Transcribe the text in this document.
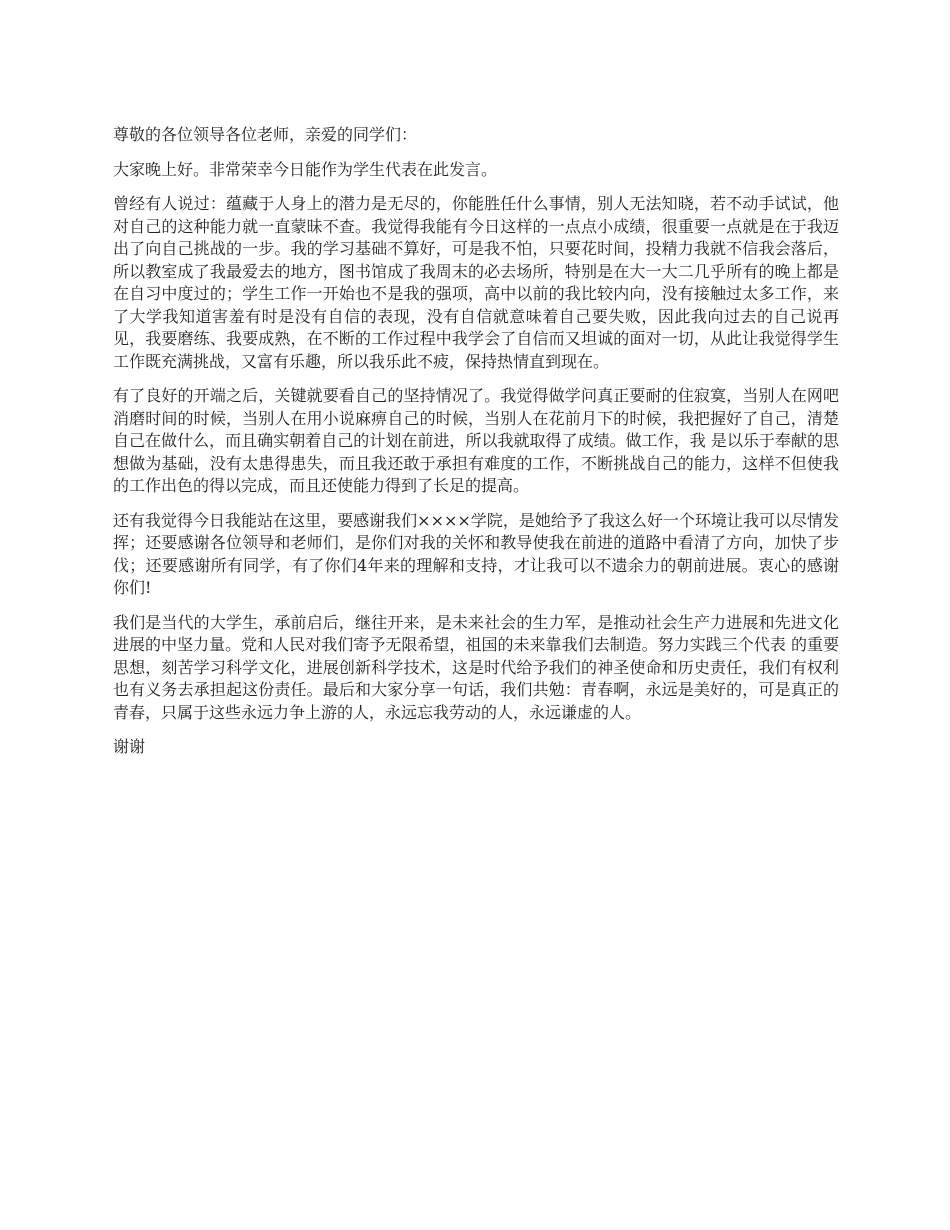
尊敬的各位领导各位老师，亲爱的同学们：

大家晚上好。非常荣幸今日能作为学生代表在此发言。

曾经有人说过：蕴藏于人身上的潜力是无尽的，你能胜任什么事情，别人无法知晓，若不动手试试，他对自己的这种能力就一直蒙昧不查。我觉得我能有今日这样的一点点小成绩，很重要一点就是在于我迈出了向自己挑战的一步。我的学习基础不算好，可是我不怕，只要花时间，投精力我就不信我会落后，所以教室成了我最爱去的地方，图书馆成了我周末的必去场所，特别是在大一大二几乎所有的晚上都是在自习中度过的；学生工作一开始也不是我的强项，高中以前的我比较内向，没有接触过太多工作，来了大学我知道害羞有时是没有自信的表现，没有自信就意味着自己要失败，因此我向过去的自己说再见，我要磨练、我要成熟，在不断的工作过程中我学会了自信而又坦诚的面对一切，从此让我觉得学生工作既充满挑战，又富有乐趣，所以我乐此不疲，保持热情直到现在。

有了良好的开端之后，关键就要看自己的坚持情况了。我觉得做学问真正要耐的住寂寞，当别人在网吧消磨时间的时候，当别人在用小说麻痹自己的时候，当别人在花前月下的时候，我把握好了自己，清楚自己在做什么，而且确实朝着自己的计划在前进，所以我就取得了成绩。做工作，我 是以乐于奉献的思想做为基础，没有太患得患失，而且我还敢于承担有难度的工作，不断挑战自己的能力，这样不但使我的工作出色的得以完成，而且还使能力得到了长足的提高。

还有我觉得今日我能站在这里，要感谢我们××××学院，是她给予了我这么好一个环境让我可以尽情发挥；还要感谢各位领导和老师们，是你们对我的关怀和教导使我在前进的道路中看清了方向，加快了步伐；还要感谢所有同学，有了你们4年来的理解和支持，才让我可以不遗余力的朝前进展。衷心的感谢你们!

我们是当代的大学生，承前启后，继往开来，是未来社会的生力军，是推动社会生产力进展和先进文化进展的中坚力量。党和人民对我们寄予无限希望，祖国的未来靠我们去制造。努力实践三个代表 的重要思想，刻苦学习科学文化，进展创新科学技术，这是时代给予我们的神圣使命和历史责任，我们有权利也有义务去承担起这份责任。最后和大家分享一句话，我们共勉：青春啊，永远是美好的，可是真正的青春，只属于这些永远力争上游的人，永远忘我劳动的人，永远谦虚的人。

谢谢
